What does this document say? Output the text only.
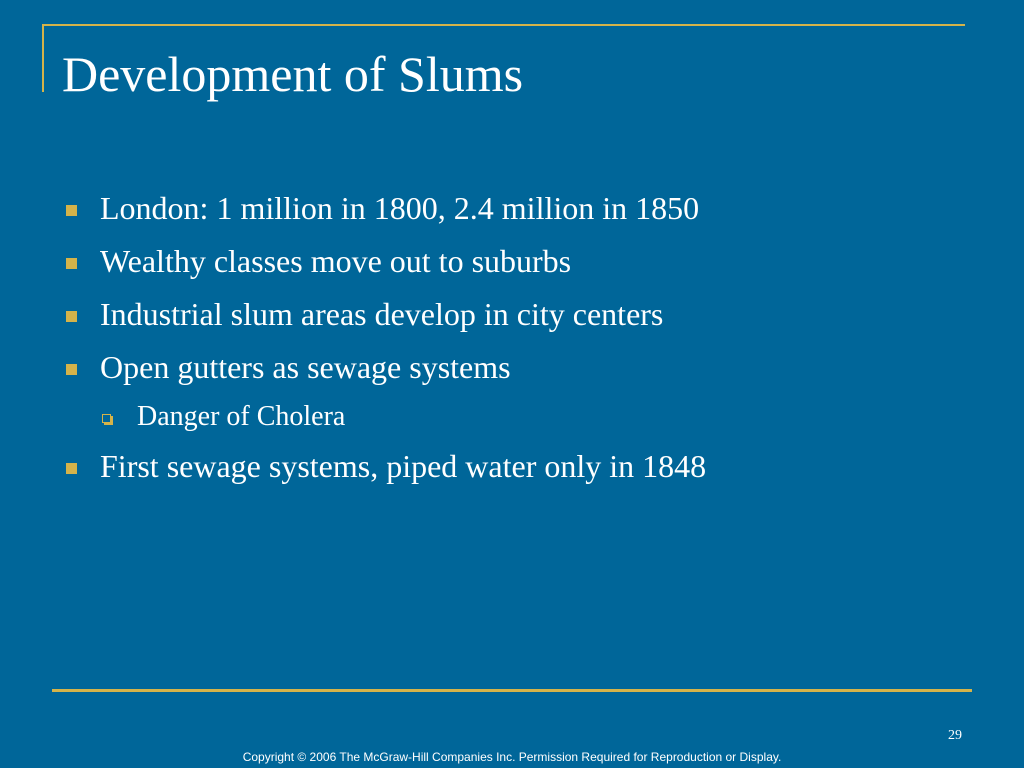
Development of Slums
London: 1 million in 1800, 2.4 million in 1850
Wealthy classes move out to suburbs
Industrial slum areas develop in city centers
Open gutters as sewage systems
Danger of Cholera
First sewage systems, piped water only in 1848
29
Copyright © 2006 The McGraw-Hill Companies Inc. Permission Required for Reproduction or Display.
